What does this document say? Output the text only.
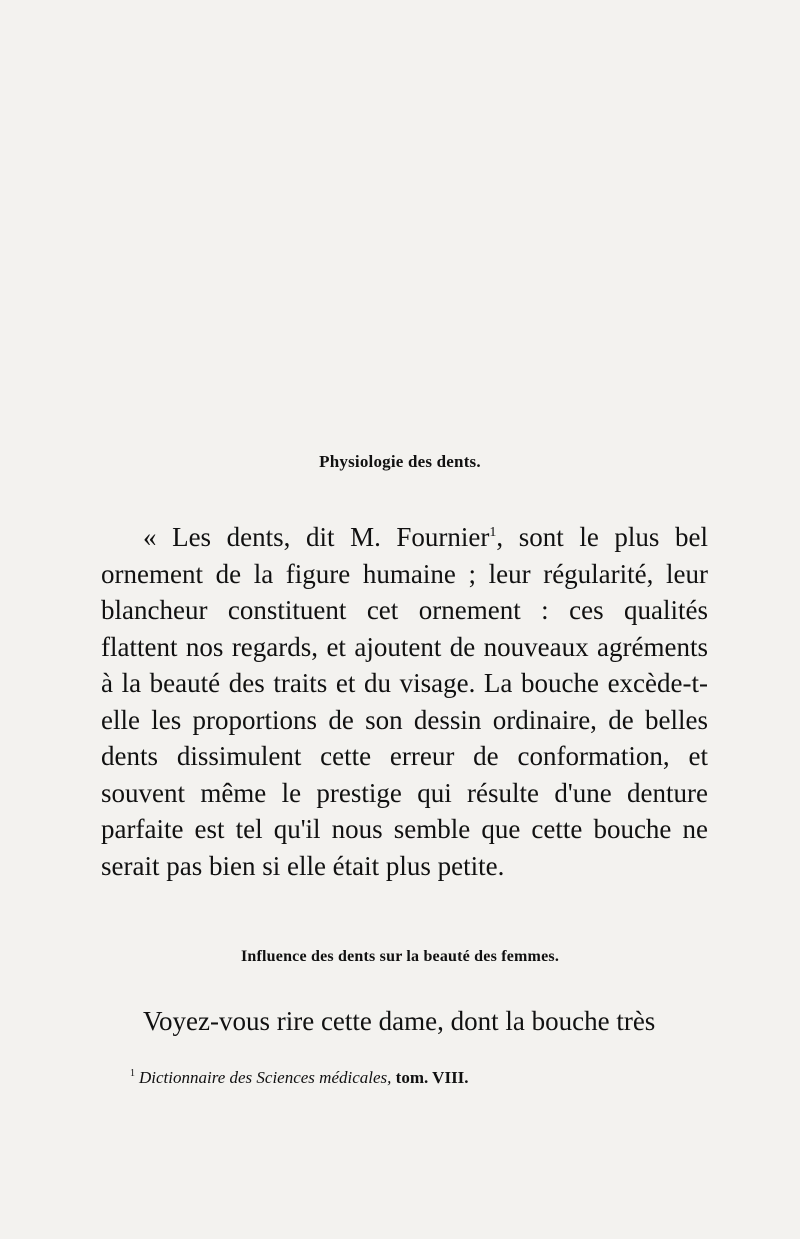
Physiologie des dents.

« Les dents, dit M. Fournier$^1$, sont le plus bel ornement de la figure humaine ; leur régularité, leur blancheur constituent cet ornement : ces qualités flattent nos regards, et ajoutent de nouveaux agréments à la beauté des traits et du visage. La bouche excède-t-elle les proportions de son dessin ordinaire, de belles dents dissimulent cette erreur de conformation, et souvent même le prestige qui résulte d'une denture parfaite est tel qu'il nous semble que cette bouche ne serait pas bien si elle était plus petite.

Influence des dents sur la beauté des femmes.

Voyez-vous rire cette dame, dont la bouche très

$^1$ Dictionnaire des Sciences médicales, tom. VIII.
